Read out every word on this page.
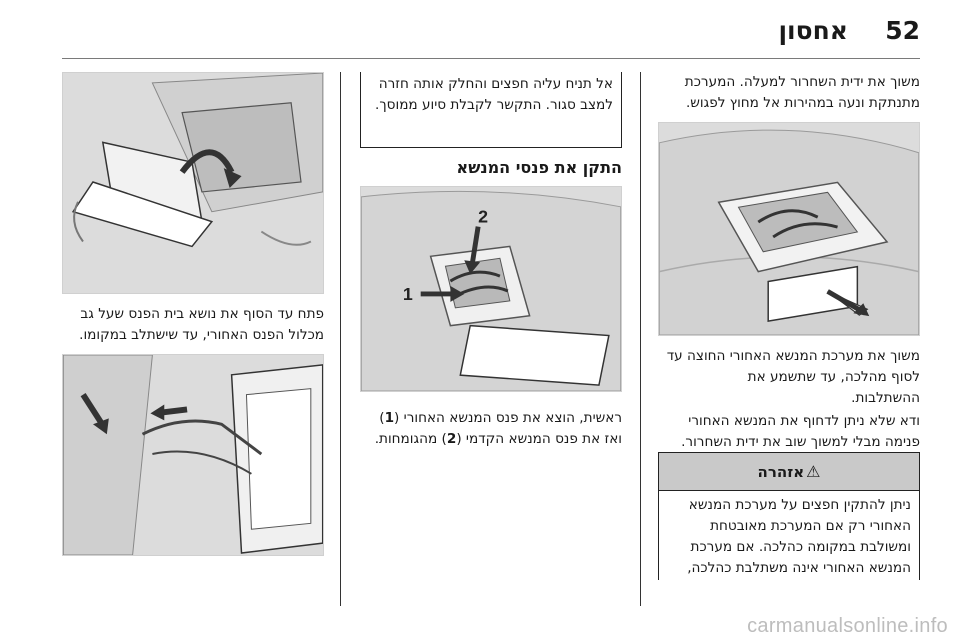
52
אחסון

משוך את ידית השחרור למעלה. המערכת מתנתקת ונעה במהירות אל מחוץ לפגוש.

משוך את מערכת המנשא האחורי החוצה עד לסוף מהלכה, עד שתשמע את
ההשתלבות.

ודא שלא ניתן לדחוף את המנשא האחורי פנימה מבלי למשוך שוב את ידית השחרור.

⚠
אזהרה
ניתן להתקין חפצים על מערכת המנשא האחורי רק אם המערכת מאובטחת ומשולבת במקומה כהלכה. אם מערכת המנשא האחורי אינה משתלבת כהלכה,
אל תניח עליה חפצים והחלק אותה חזרה למצב סגור. התקשר לקבלת סיוע ממוסך.
התקן את פנסי המנשא
2
1

ראשית, הוצא את פנס המנשא האחורי (1)
ואז את פנס המנשא הקדמי (2) מהגומחות.

פתח עד הסוף את נושא בית הפנס שעל גב מכלול הפנס האחורי, עד שישתלב במקומו.

carmanualsonline.info
